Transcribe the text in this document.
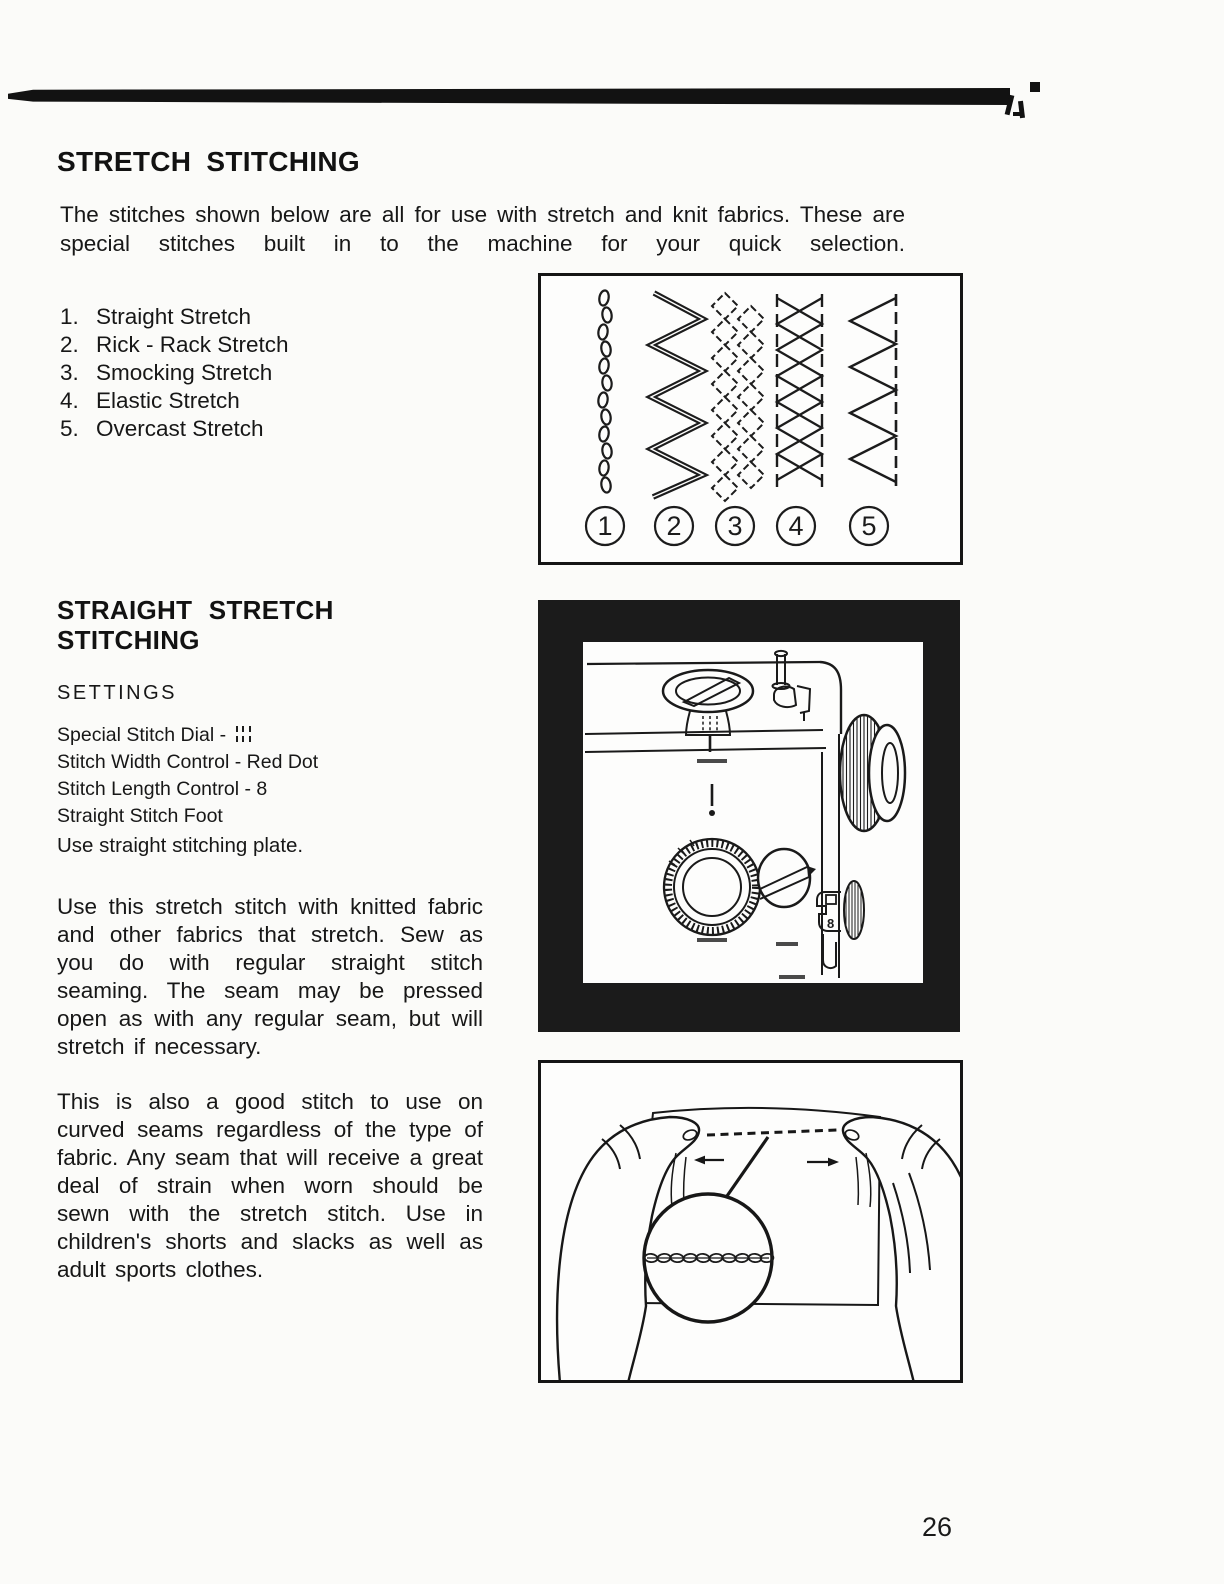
STRETCH STITCHING
The stitches shown below are all for use with stretch and knit fabrics. These are special stitches built in to the machine for your quick selection.
1. Straight Stretch
2. Rick - Rack Stretch
3. Smocking Stretch
4. Elastic Stretch
5. Overcast Stretch
1 2 3 4 5
STRAIGHT STRETCH
STITCHING
SETTINGS
Special Stitch Dial -
Stitch Width Control - Red Dot
Stitch Length Control - 8
Straight Stitch Foot
Use straight stitching plate.
Use this stretch stitch with knitted fabric and other fabrics that stretch. Sew as you do with regular straight stitch seaming. The seam may be pressed open as with any regular seam, but will stretch if necessary.
This is also a good stitch to use on curved seams regardless of the type of fabric. Any seam that will receive a great deal of strain when worn should be sewn with the stretch stitch. Use in children's shorts and slacks as well as adult sports clothes.
8
26
